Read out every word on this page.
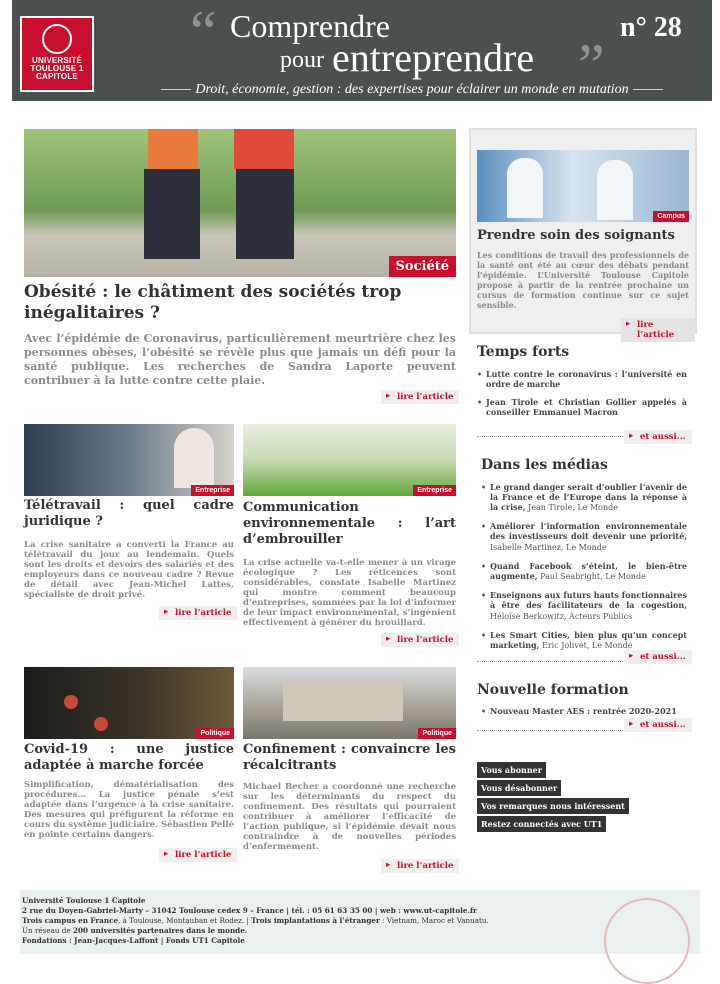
UNIVERSITÉ
TOULOUSE 1
CAPITOLE
“ Comprendre
pour entreprendre ”
n° 28
Droit, économie, gestion : des expertises pour éclairer un monde en mutation
Société
Obésité : le châtiment des sociétés trop inégalitaires ?
Avec l’épidémie de Coronavirus, particulièrement meurtrière chez les personnes obèses, l’obésité se révèle plus que jamais un défi pour la santé publique. Les recherches de Sandra Laporte peuvent contribuer à la lutte contre cette plaie.
▸ lire l’article
Entreprise
Télétravail : quel cadre juridique ?
La crise sanitaire a converti la France au télétravail du jour au lendemain. Quels sont les droits et devoirs des salariés et des employeurs dans ce nouveau cadre ? Revue de détail avec Jean-Michel Lattes, spécialiste de droit privé.
▸ lire l’article
Entreprise
Communication environnementale : l’art d’embrouiller
La crise actuelle va-t-elle mener à un virage écologique ? Les réticences sont considérables, constate Isabelle Martinez qui montre comment beaucoup d’entreprises, sommées par la loi d’informer de leur impact environnemental, s’ingénient effectivement à générer du brouillard.
▸ lire l’article
Politique
Covid-19 : une justice adaptée à marche forcée
Simplification, dématérialisation des procédures… La justice pénale s’est adaptée dans l’urgence à la crise sanitaire. Des mesures qui préfigurent la réforme en cours du système judiciaire. Sébastien Pellé en pointe certains dangers.
▸ lire l’article
Politique
Confinement : convaincre les récalcitrants
Michael Becher a coordonné une recherche sur les déterminants du respect du confinement. Des résultats qui pourraient contribuer à améliorer l’efficacité de l’action publique, si l’épidémie devait nous contraindre à de nouvelles périodes d’enfermement.
▸ lire l’article
Campus
Prendre soin des soignants
Les conditions de travail des professionnels de la santé ont été au cœur des débats pendant l’épidémie. L’Université Toulouse Capitole propose à partir de la rentrée prochaine un cursus de formation continue sur ce sujet sensible.
▸ lire l’article
Temps forts
• Lutte contre le coronavirus : l’université en ordre de marche
• Jean Tirole et Christian Gollier appelés à conseiller Emmanuel Macron
▸ et aussi...
Dans les médias
• Le grand danger serait d’oublier l’avenir de la France et de l’Europe dans la réponse à la crise, Jean Tirole, Le Monde
• Améliorer l’information environnementale des investisseurs doit devenir une priorité, Isabelle Martinez, Le Monde
• Quand Facebook s’éteint, le bien-être augmente, Paul Seabright, Le Monde
• Enseignons aux futurs hauts fonctionnaires à être des facilitateurs de la cogestion, Héloïse Berkowitz, Acteurs Publics
• Les Smart Cities, bien plus qu’un concept marketing, Eric Jolivet, Le Monde
▸ et aussi...
Nouvelle formation
• Nouveau Master AES : rentrée 2020-2021
▸ et aussi...
Vous abonner
Vous désabonner
Vos remarques nous intéressent
Restez connectés avec UT1

Université Toulouse 1 Capitole

2 rue du Doyen-Gabriel-Marty – 31042 Toulouse cedex 9 – France | tél. : 05 61 63 35 00 | web : www.ut-capitole.fr

Trois campus en France, à Toulouse, Montauban et Rodez. | Trois implantations à l’étranger : Vietnam, Maroc et Vanuatu.

Un réseau de 200 universités partenaires dans le monde.

Fondations : Jean-Jacques-Laffont | Fonds UT1 Capitole
